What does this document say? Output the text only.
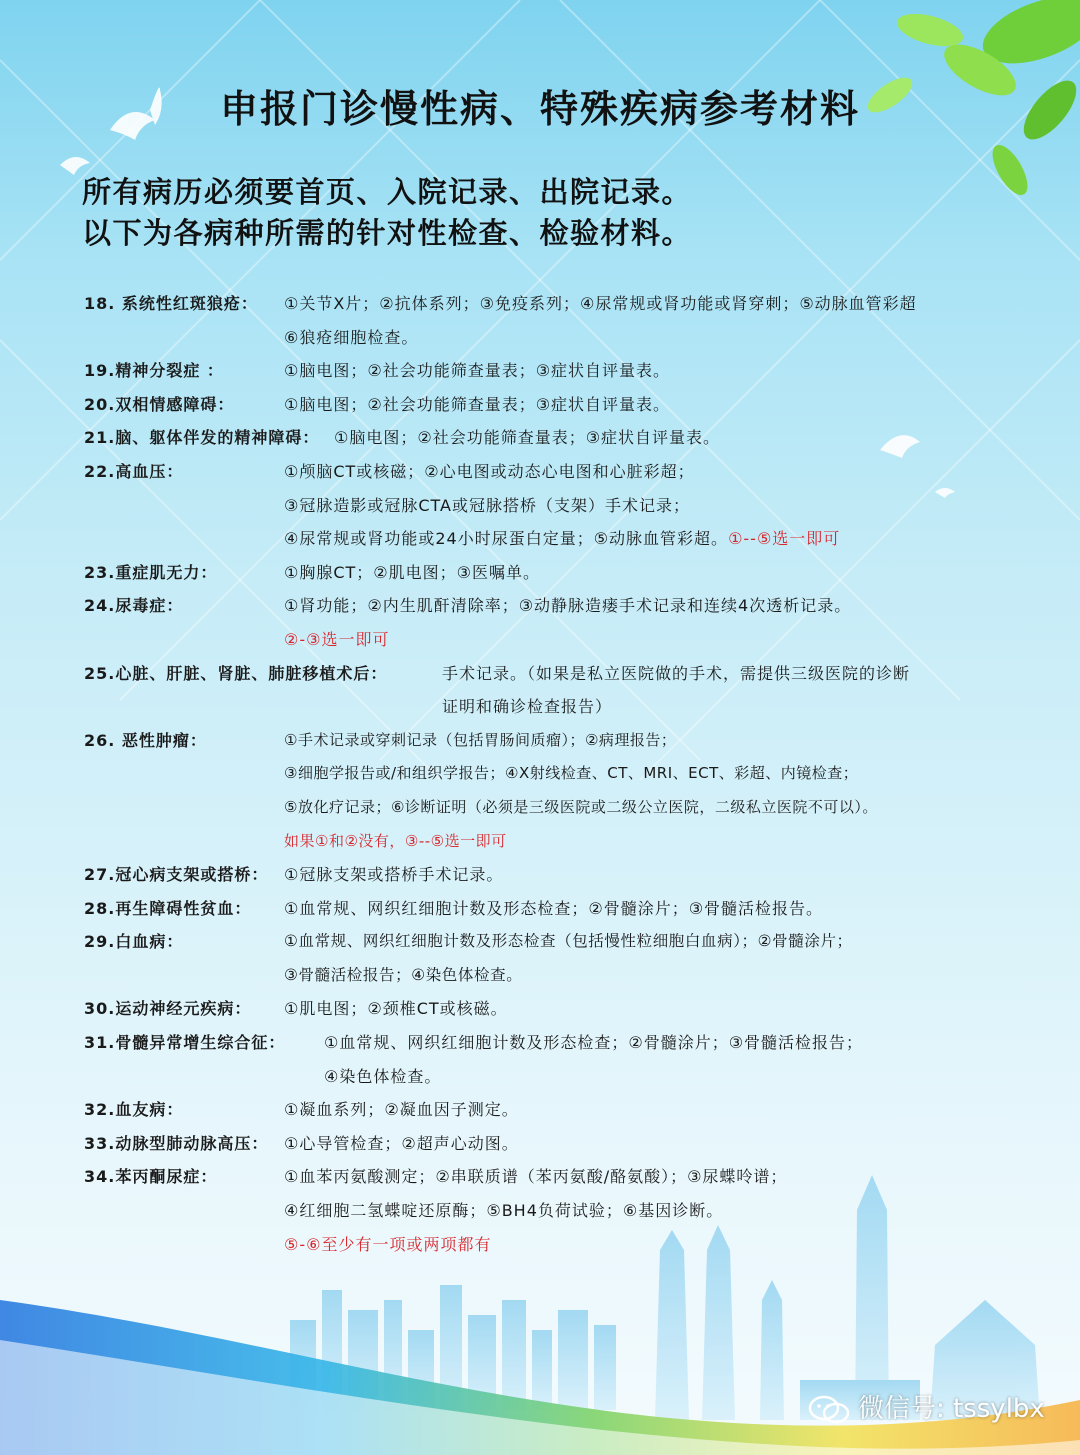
申报门诊慢性病、特殊疾病参考材料
所有病历必须要首页、入院记录、出院记录。
以下为各病种所需的针对性检查、检验材料。
18. 系统性红斑狼疮： ①关节X片；②抗体系列；③免疫系列；④尿常规或肾功能或肾穿刺；⑤动脉血管彩超
⑥狼疮细胞检查。
19.精神分裂症 ：	①脑电图；②社会功能筛查量表；③症状自评量表。
20.双相情感障碍：	①脑电图；②社会功能筛查量表；③症状自评量表。
21.脑、躯体伴发的精神障碍： ①脑电图；②社会功能筛查量表；③症状自评量表。
22.高血压：	①颅脑CT或核磁；②心电图或动态心电图和心脏彩超；
③冠脉造影或冠脉CTA或冠脉搭桥（支架）手术记录；
④尿常规或肾功能或24小时尿蛋白定量；⑤动脉血管彩超。①--⑤选一即可
23.重症肌无力：	①胸腺CT；②肌电图；③医嘱单。
24.尿毒症：	①肾功能；②内生肌酐清除率；③动静脉造瘘手术记录和连续4次透析记录。
②-③选一即可
25.心脏、肝脏、肾脏、肺脏移植术后：	手术记录。（如果是私立医院做的手术，需提供三级医院的诊断
证明和确诊检查报告）
26. 恶性肿瘤：	①手术记录或穿刺记录（包括胃肠间质瘤）；②病理报告；
③细胞学报告或/和组织学报告；④X射线检查、CT、MRI、ECT、彩超、内镜检查；
⑤放化疗记录；⑥诊断证明（必须是三级医院或二级公立医院，二级私立医院不可以）。
如果①和②没有，③--⑤选一即可
27.冠心病支架或搭桥： ①冠脉支架或搭桥手术记录。
28.再生障碍性贫血： ①血常规、网织红细胞计数及形态检查；②骨髓涂片；③骨髓活检报告。
29.白血病：	①血常规、网织红细胞计数及形态检查（包括慢性粒细胞白血病）；②骨髓涂片；
③骨髓活检报告；④染色体检查。
30.运动神经元疾病： ①肌电图；②颈椎CT或核磁。
31.骨髓异常增生综合征： ①血常规、网织红细胞计数及形态检查；②骨髓涂片；③骨髓活检报告；
④染色体检查。
32.血友病：	①凝血系列；②凝血因子测定。
33.动脉型肺动脉高压： ①心导管检查；②超声心动图。
34.苯丙酮尿症：	①血苯丙氨酸测定；②串联质谱（苯丙氨酸/酪氨酸）；③尿蝶呤谱；
④红细胞二氢蝶啶还原酶；⑤BH4负荷试验；⑥基因诊断。
⑤-⑥至少有一项或两项都有
微信号: tssylbx
